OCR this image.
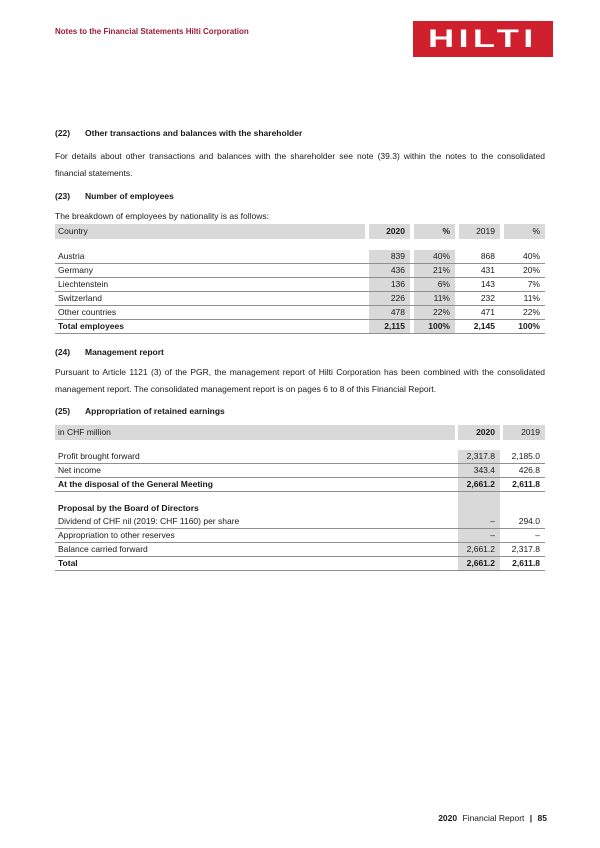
HILTI
Notes to the Financial Statements Hilti Corporation
(22)	Other transactions and balances with the shareholder
For details about other transactions and balances with the shareholder see note (39.3) within the notes to the consolidated financial statements.
(23)	Number of employees
The breakdown of employees by nationality is as follows:
Country	2020	%	2019	%
Austria	839	40%	868	40%
Germany	436	21%	431	20%
Liechtenstein	136	6%	143	7%
Switzerland	226	11%	232	11%
Other countries	478	22%	471	22%
Total employees	2,115	100%	2,145	100%
(24)	Management report
Pursuant to Article 1121 (3) of the PGR, the management report of Hilti Corporation has been combined with the consolidated management report. The consolidated management report is on pages 6 to 8 of this Financial Report.
(25)	Appropriation of retained earnings
in CHF million	2020	2019
Profit brought forward	2,317.8	2,185.0
Net income	343.4	426.8
At the disposal of the General Meeting	2,661.2	2,611.8
Proposal by the Board of Directors
Dividend of CHF nil (2019: CHF 1160) per share	–	294.0
Appropriation to other reserves	–	–
Balance carried forward	2,661.2	2,317.8
Total	2,661.2	2,611.8
2020 Financial Report | 85
